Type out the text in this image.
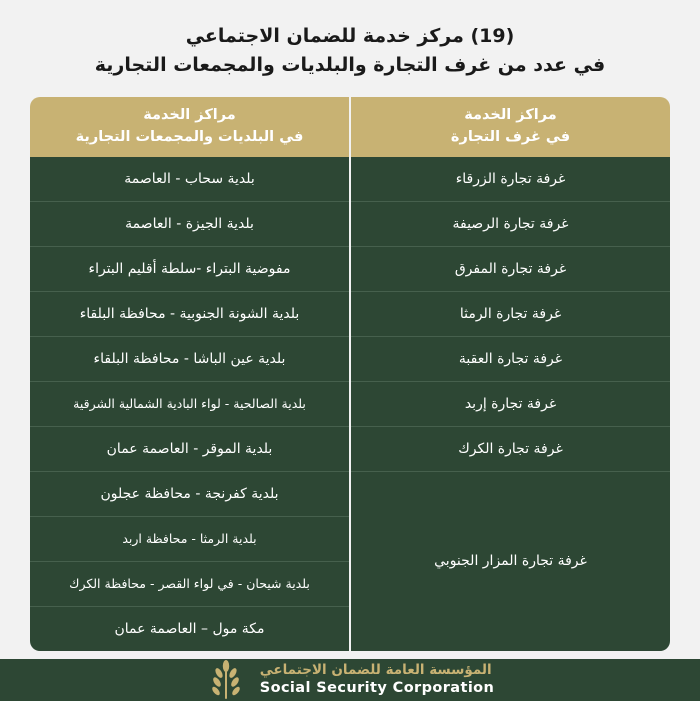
(19) مركز خدمة للضمان الاجتماعي
في عدد من غرف التجارة والبلديات والمجمعات التجارية
مراكز الخدمة
في غرف التجارة

مراكز الخدمة
في البلديات والمجمعات التجارية

غرفة تجارة الزرقاء	بلدية سحاب - العاصمة
غرفة تجارة الرصيفة	بلدية الجيزة - العاصمة
غرفة تجارة المفرق	مفوضية البتراء -سلطة أقليم البتراء
غرفة تجارة الرمثا	بلدية الشونة الجنوبية - محافظة البلقاء
غرفة تجارة العقبة	بلدية عين الباشا - محافظة البلقاء
غرفة تجارة إربد	بلدية الصالحية - لواء البادية الشمالية الشرقية
غرفة تجارة الكرك	بلدية الموقر - العاصمة عمان
غرفة تجارة المزار الجنوبي	بلدية كفرنجة - محافظة عجلون
	بلدية الرمثا - محافظة اربد
	بلدية شيحان - في لواء القصر - محافظة الكرك
	مكة مول – العاصمة عمان
المؤسسة العامة للضمان الاجتماعي
Social Security Corporation
